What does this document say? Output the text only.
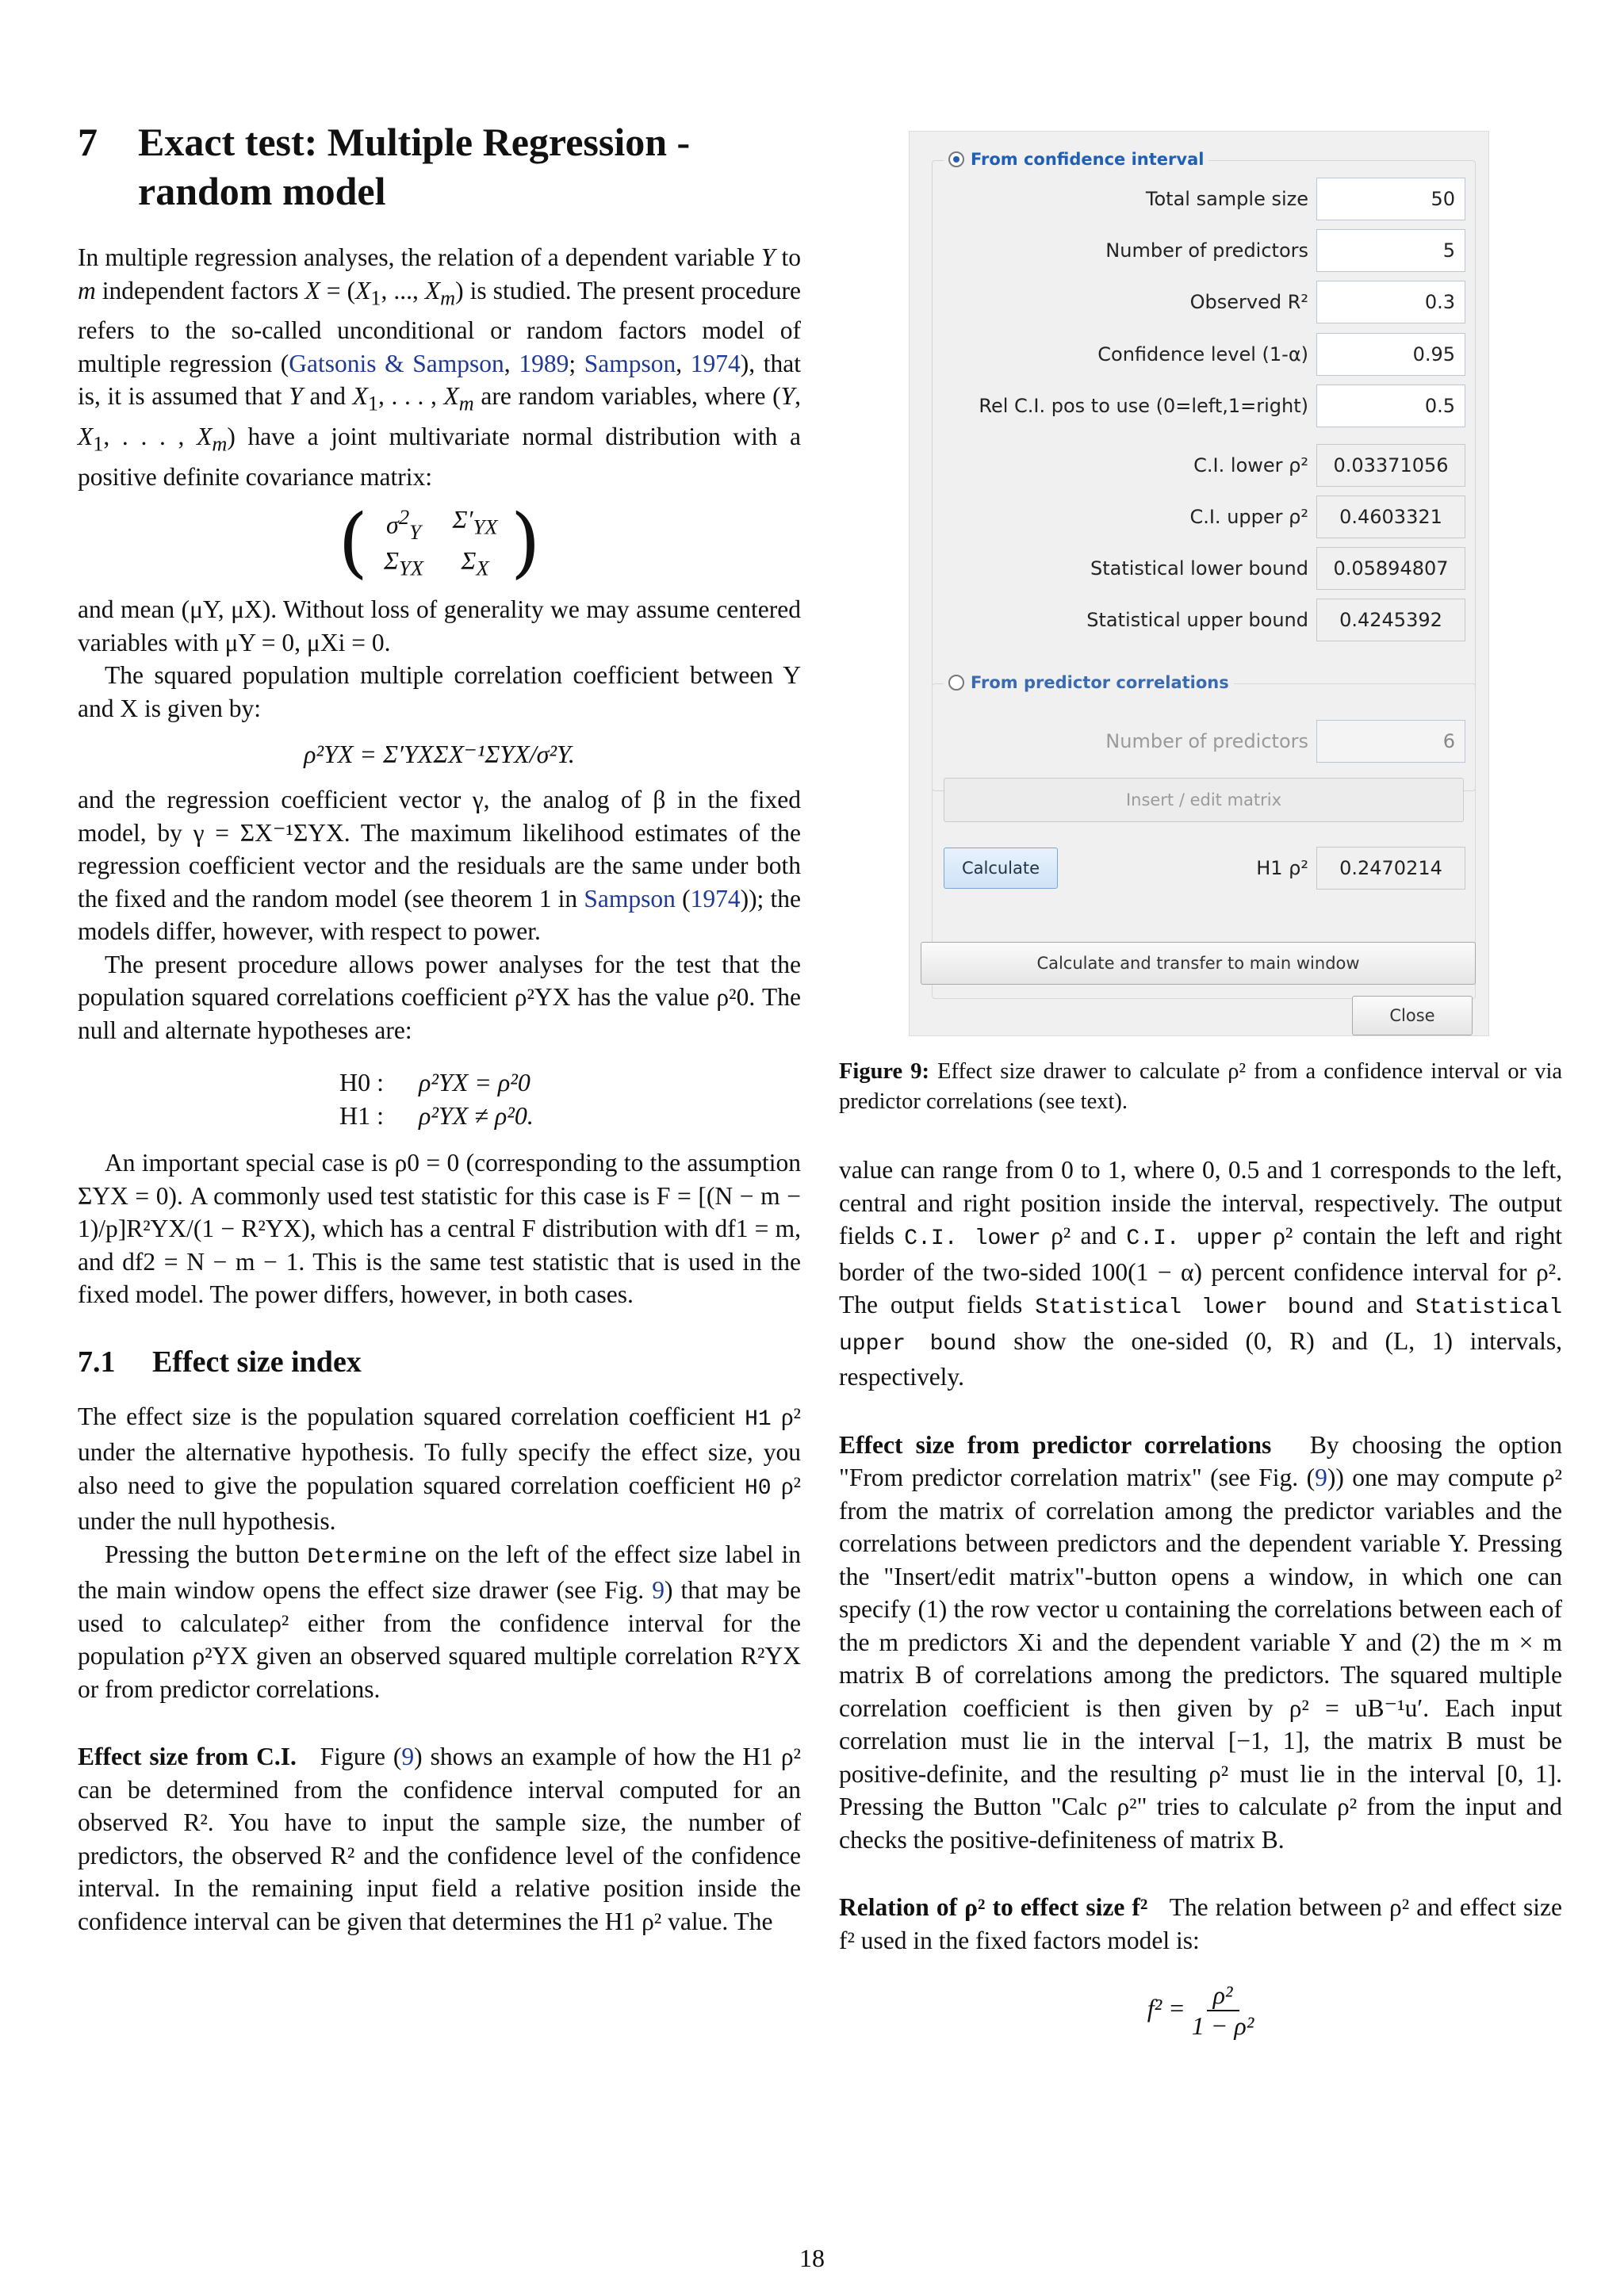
7 Exact test: Multiple Regression - random model

In multiple regression analyses, the relation of a dependent variable Y to m independent factors $X = (X_1$, ..., $X_m$) is studied. The present procedure refers to the so-called unconditional or random factors model of multiple regression (Gatsonis & Sampson, 1989; Sampson, 1974), that is, it is assumed that Y and $X_1$, . . . , $X_m$ are random variables, where (Y, $X_1$, . . . , $X_m$) have a joint multivariate normal distribution with a positive definite covariance matrix:

( $\sigma^2_Y$	$\Sigma'_{YX}$
$\Sigma_{YX}$	$\Sigma_X$ )

and mean (μY, μX). Without loss of generality we may assume centered variables with μY = 0, μXi = 0.

The squared population multiple correlation coefficient between Y and X is given by:

ρ²YX = Σ′YXΣX⁻¹ΣYX/σ²Y.

and the regression coefficient vector γ, the analog of β in the fixed model, by γ = ΣX⁻¹ΣYX. The maximum likelihood estimates of the regression coefficient vector and the residuals are the same under both the fixed and the random model (see theorem 1 in Sampson (1974)); the models differ, however, with respect to power.

The present procedure allows power analyses for the test that the population squared correlations coefficient ρ²YX has the value ρ²0. The null and alternate hypotheses are:

H0 :	ρ²YX = ρ²0
H1 :	ρ²YX ≠ ρ²0.

An important special case is ρ0 = 0 (corresponding to the assumption ΣYX = 0). A commonly used test statistic for this case is F = [(N − m − 1)/p]R²YX/(1 − R²YX), which has a central F distribution with df1 = m, and df2 = N − m − 1. This is the same test statistic that is used in the fixed model. The power differs, however, in both cases.

7.1 Effect size index

The effect size is the population squared correlation coefficient H1 ρ² under the alternative hypothesis. To fully specify the effect size, you also need to give the population squared correlation coefficient H0 ρ² under the null hypothesis.

Pressing the button Determine on the left of the effect size label in the main window opens the effect size drawer (see Fig. 9) that may be used to calculateρ² either from the confidence interval for the population ρ²YX given an observed squared multiple correlation R²YX or from predictor correlations.

Effect size from C.I. Figure (9) shows an example of how the H1 ρ² can be determined from the confidence interval computed for an observed R². You have to input the sample size, the number of predictors, the observed R² and the confidence level of the confidence interval. In the remaining input field a relative position inside the confidence interval can be given that determines the H1 ρ² value. The

From confidence interval
Total sample size	50
Number of predictors	5
Observed R²	0.3
Confidence level (1-α)	0.95
Rel C.I. pos to use (0=left,1=right)	0.5
C.I. lower ρ²	0.03371056
C.I. upper ρ²	0.4603321
Statistical lower bound	0.05894807
Statistical upper bound	0.4245392
From predictor correlations
Number of predictors	6
Insert / edit matrix
Calculate	H1 ρ²	0.2470214
Calculate and transfer to main window
Close

Figure 9: Effect size drawer to calculate ρ² from a confidence interval or via predictor correlations (see text).

value can range from 0 to 1, where 0, 0.5 and 1 corresponds to the left, central and right position inside the interval, respectively. The output fields C.I. lower ρ² and C.I. upper ρ² contain the left and right border of the two-sided 100(1 − α) percent confidence interval for ρ². The output fields Statistical lower bound and Statistical upper bound show the one-sided (0, R) and (L, 1) intervals, respectively.

Effect size from predictor correlations By choosing the option "From predictor correlation matrix" (see Fig. (9)) one may compute ρ² from the matrix of correlation among the predictor variables and the correlations between predictors and the dependent variable Y. Pressing the "Insert/edit matrix"-button opens a window, in which one can specify (1) the row vector u containing the correlations between each of the m predictors Xi and the dependent variable Y and (2) the m × m matrix B of correlations among the predictors. The squared multiple correlation coefficient is then given by ρ² = uB⁻¹u′. Each input correlation must lie in the interval [−1, 1], the matrix B must be positive-definite, and the resulting ρ² must lie in the interval [0, 1]. Pressing the Button "Calc ρ²" tries to calculate ρ² from the input and checks the positive-definiteness of matrix B.

Relation of ρ² to effect size f² The relation between ρ² and effect size f² used in the fixed factors model is:

$f^2 = \frac{\text{ρ²}}{\text{1 − ρ²}}$
18
